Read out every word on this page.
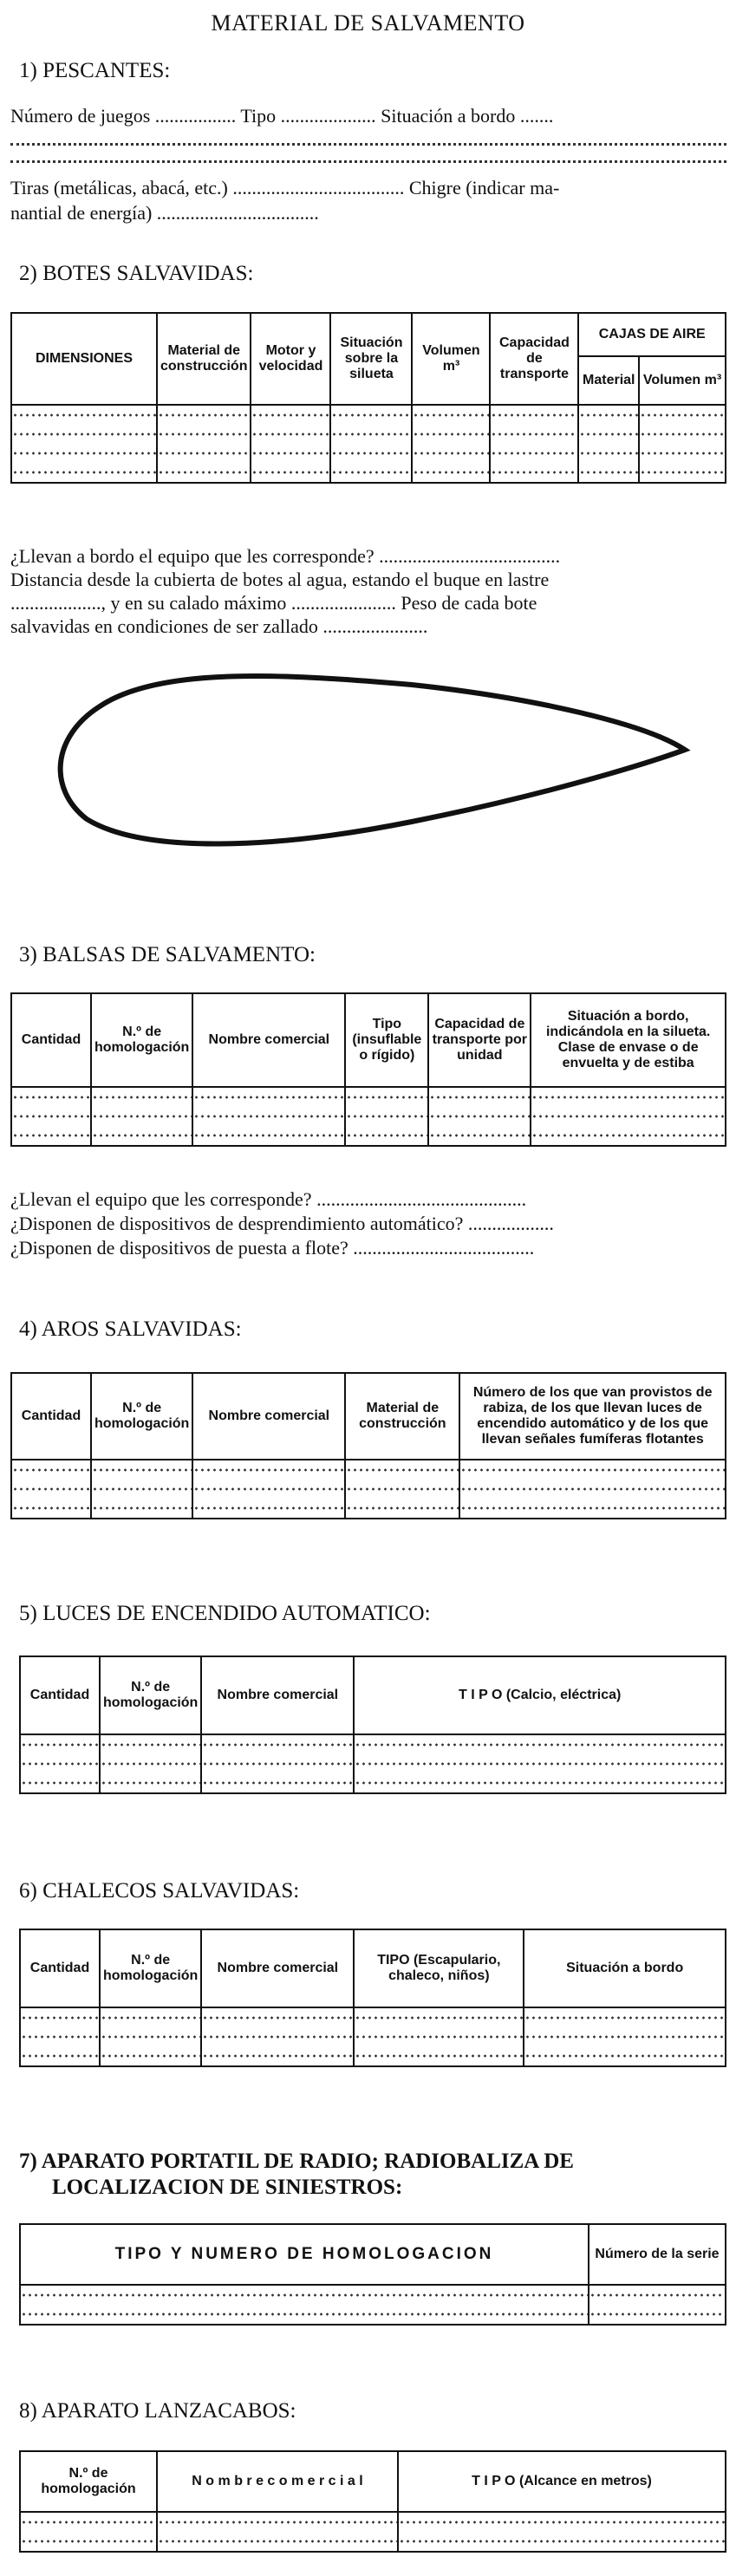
MATERIAL DE SALVAMENTO
1) PESCANTES:
Número de juegos ................. Tipo .................... Situación a bordo .......
Tiras (metálicas, abacá, etc.) .................................... Chigre (indicar ma-
nantial de energía) ..................................
2) BOTES SALVAVIDAS:
DIMENSIONES	Material de construcción	Motor y velocidad	Situación sobre la silueta	Volumen m³	Capacidad de transporte	CAJAS DE AIRE	
						Material	Volumen m³

¿Llevan a bordo el equipo que les corresponde? ......................................
Distancia desde la cubierta de botes al agua, estando el buque en lastre
..................., y en su calado máximo ...................... Peso de cada bote
salvavidas en condiciones de ser zallado ......................
3) BALSAS DE SALVAMENTO:
Cantidad	N.º de homologación	Nombre comercial	Tipo (insuflable o rígido)	Capacidad de transporte por unidad	Situación a bordo, indicándola en la silueta. Clase de envase o de envuelta y de estiba

¿Llevan el equipo que les corresponde? ............................................
¿Disponen de dispositivos de desprendimiento automático? ..................
¿Disponen de dispositivos de puesta a flote? ......................................
4) AROS SALVAVIDAS:
Cantidad	N.º de homologación	Nombre comercial	Material de construcción	Número de los que van provistos de rabiza, de los que llevan luces de encendido automático y de los que llevan señales fumíferas flotantes

5) LUCES DE ENCENDIDO AUTOMATICO:
Cantidad	N.º de homologación	Nombre comercial	T I P O (Calcio, eléctrica)

6) CHALECOS SALVAVIDAS:
Cantidad	N.º de homologación	Nombre comercial	TIPO (Escapulario, chaleco, niños)	Situación a bordo

7) APARATO PORTATIL DE RADIO; RADIOBALIZA DE
LOCALIZACION DE SINIESTROS:
TIPO Y NUMERO DE HOMOLOGACION	Número de la serie

8) APARATO LANZACABOS:
N.º de homologación	N o m b r e c o m e r c i a l	T I P O (Alcance en metros)
